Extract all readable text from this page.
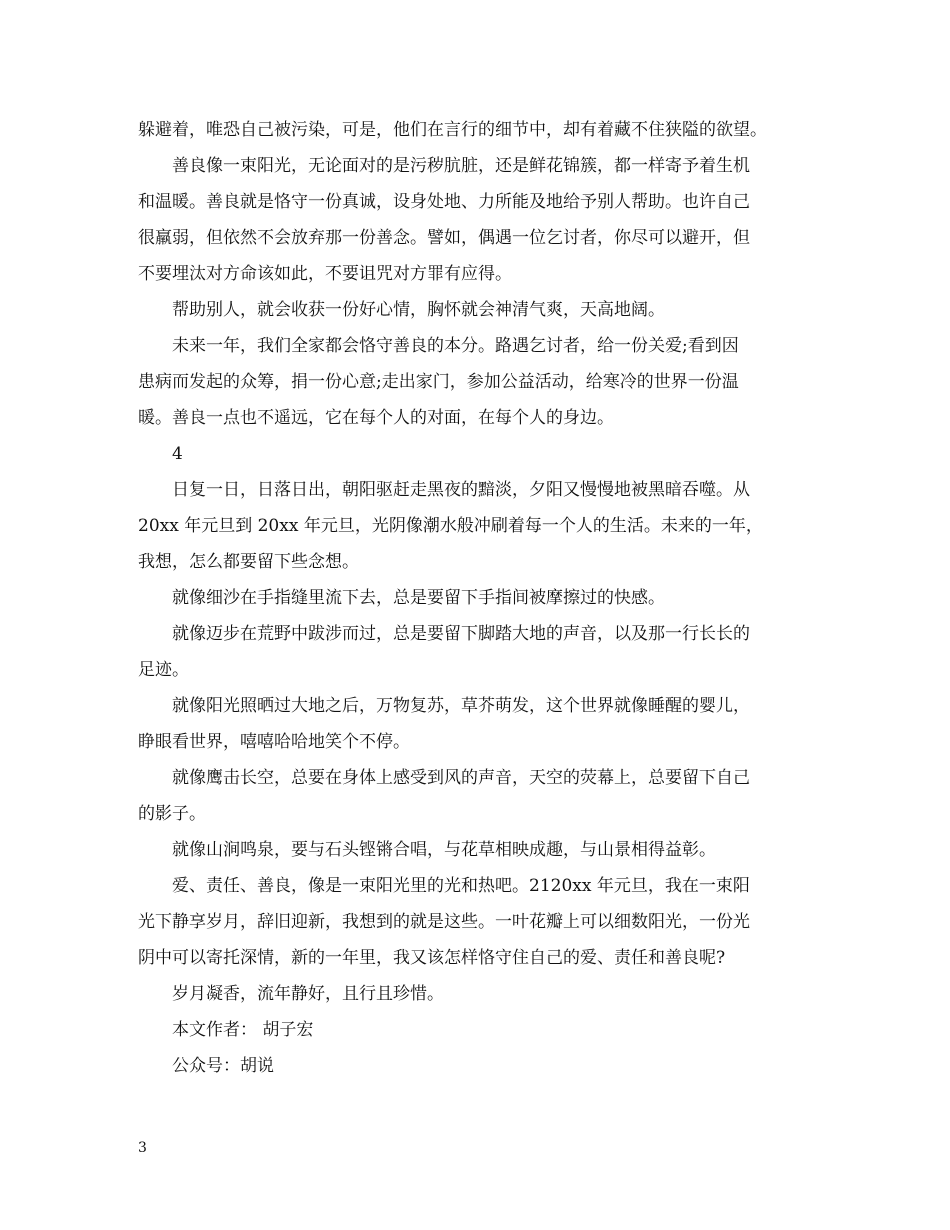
躲避着，唯恐自己被污染，可是，他们在言行的细节中，却有着藏不住狭隘的欲望。
善良像一束阳光，无论面对的是污秽肮脏，还是鲜花锦簇，都一样寄予着生机
和温暖。善良就是恪守一份真诚，设身处地、力所能及地给予别人帮助。也许自己
很羸弱，但依然不会放弃那一份善念。譬如，偶遇一位乞讨者，你尽可以避开，但
不要埋汰对方命该如此，不要诅咒对方罪有应得。
帮助别人，就会收获一份好心情，胸怀就会神清气爽，天高地阔。
未来一年，我们全家都会恪守善良的本分。路遇乞讨者，给一份关爱;看到因
患病而发起的众筹，捐一份心意;走出家门，参加公益活动，给寒冷的世界一份温
暖。善良一点也不遥远，它在每个人的对面，在每个人的身边。
4
日复一日，日落日出，朝阳驱赶走黑夜的黯淡，夕阳又慢慢地被黑暗吞噬。从
20xx 年元旦到 20xx 年元旦，光阴像潮水般冲刷着每一个人的生活。未来的一年，
我想，怎么都要留下些念想。
就像细沙在手指缝里流下去，总是要留下手指间被摩擦过的快感。
就像迈步在荒野中跋涉而过，总是要留下脚踏大地的声音，以及那一行长长的
足迹。
就像阳光照晒过大地之后，万物复苏，草芥萌发，这个世界就像睡醒的婴儿，
睁眼看世界，嘻嘻哈哈地笑个不停。
就像鹰击长空，总要在身体上感受到风的声音，天空的荧幕上，总要留下自己
的影子。
就像山涧鸣泉，要与石头铿锵合唱，与花草相映成趣，与山景相得益彰。
爱、责任、善良，像是一束阳光里的光和热吧。2120xx 年元旦，我在一束阳
光下静享岁月，辞旧迎新，我想到的就是这些。一叶花瓣上可以细数阳光，一份光
阴中可以寄托深情，新的一年里，我又该怎样恪守住自己的爱、责任和善良呢?
岁月凝香，流年静好，且行且珍惜。
本文作者： 胡子宏
公众号：胡说
3
